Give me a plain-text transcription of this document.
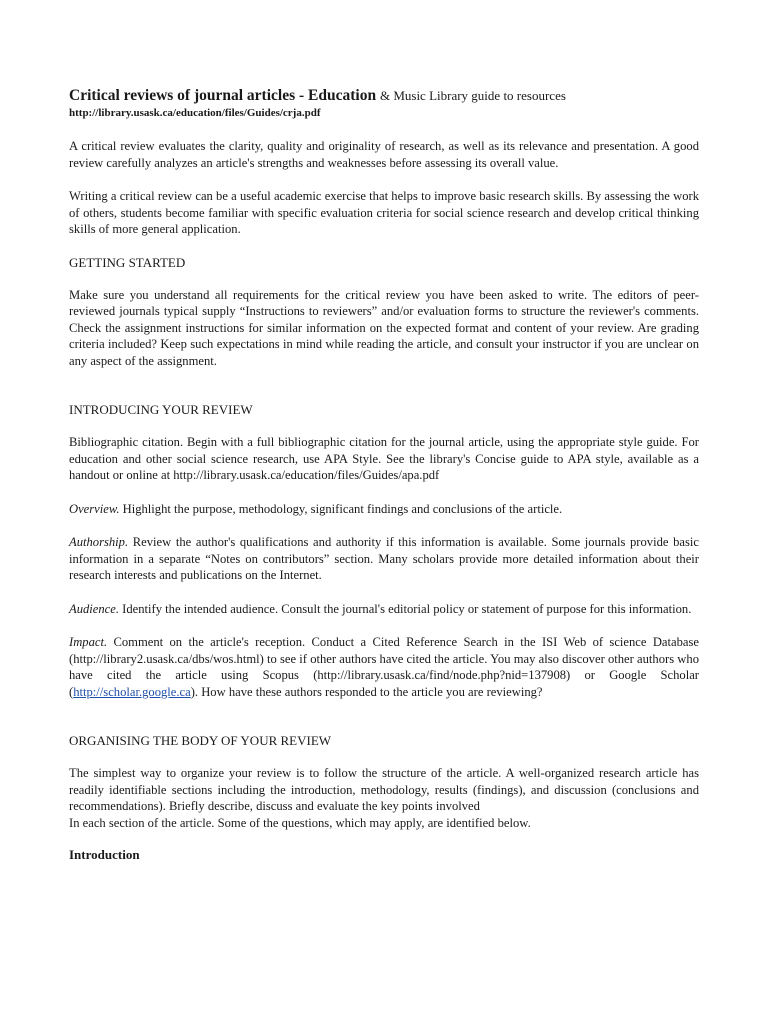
Critical reviews of journal articles - Education & Music Library guide to resources
http://library.usask.ca/education/files/Guides/crja.pdf

A critical review evaluates the clarity, quality and originality of research, as well as its relevance and presentation. A good review carefully analyzes an article's strengths and weaknesses before assessing its overall value.

Writing a critical review can be a useful academic exercise that helps to improve basic research skills. By assessing the work of others, students become familiar with specific evaluation criteria for social science research and develop critical thinking skills of more general application.

GETTING STARTED

Make sure you understand all requirements for the critical review you have been asked to write. The editors of peer-reviewed journals typical supply “Instructions to reviewers” and/or evaluation forms to structure the reviewer's comments. Check the assignment instructions for similar information on the expected format and content of your review. Are grading criteria included? Keep such expectations in mind while reading the article, and consult your instructor if you are unclear on any aspect of the assignment.

INTRODUCING YOUR REVIEW

Bibliographic citation. Begin with a full bibliographic citation for the journal article, using the appropriate style guide. For education and other social science research, use APA Style. See the library's Concise guide to APA style, available as a handout or online at http://library.usask.ca/education/files/Guides/apa.pdf

Overview. Highlight the purpose, methodology, significant findings and conclusions of the article.

Authorship. Review the author's qualifications and authority if this information is available. Some journals provide basic information in a separate “Notes on contributors” section. Many scholars provide more detailed information about their research interests and publications on the Internet.

Audience. Identify the intended audience. Consult the journal's editorial policy or statement of purpose for this information.

Impact. Comment on the article's reception. Conduct a Cited Reference Search in the ISI Web of science Database (http://library2.usask.ca/dbs/wos.html) to see if other authors have cited the article. You may also discover other authors who have cited the article using Scopus (http://library.usask.ca/find/node.php?nid=137908) or Google Scholar (http://scholar.google.ca). How have these authors responded to the article you are reviewing?

ORGANISING THE BODY OF YOUR REVIEW

The simplest way to organize your review is to follow the structure of the article. A well-organized research article has readily identifiable sections including the introduction, methodology, results (findings), and discussion (conclusions and recommendations). Briefly describe, discuss and evaluate the key points involved

In each section of the article. Some of the questions, which may apply, are identified below.

Introduction
